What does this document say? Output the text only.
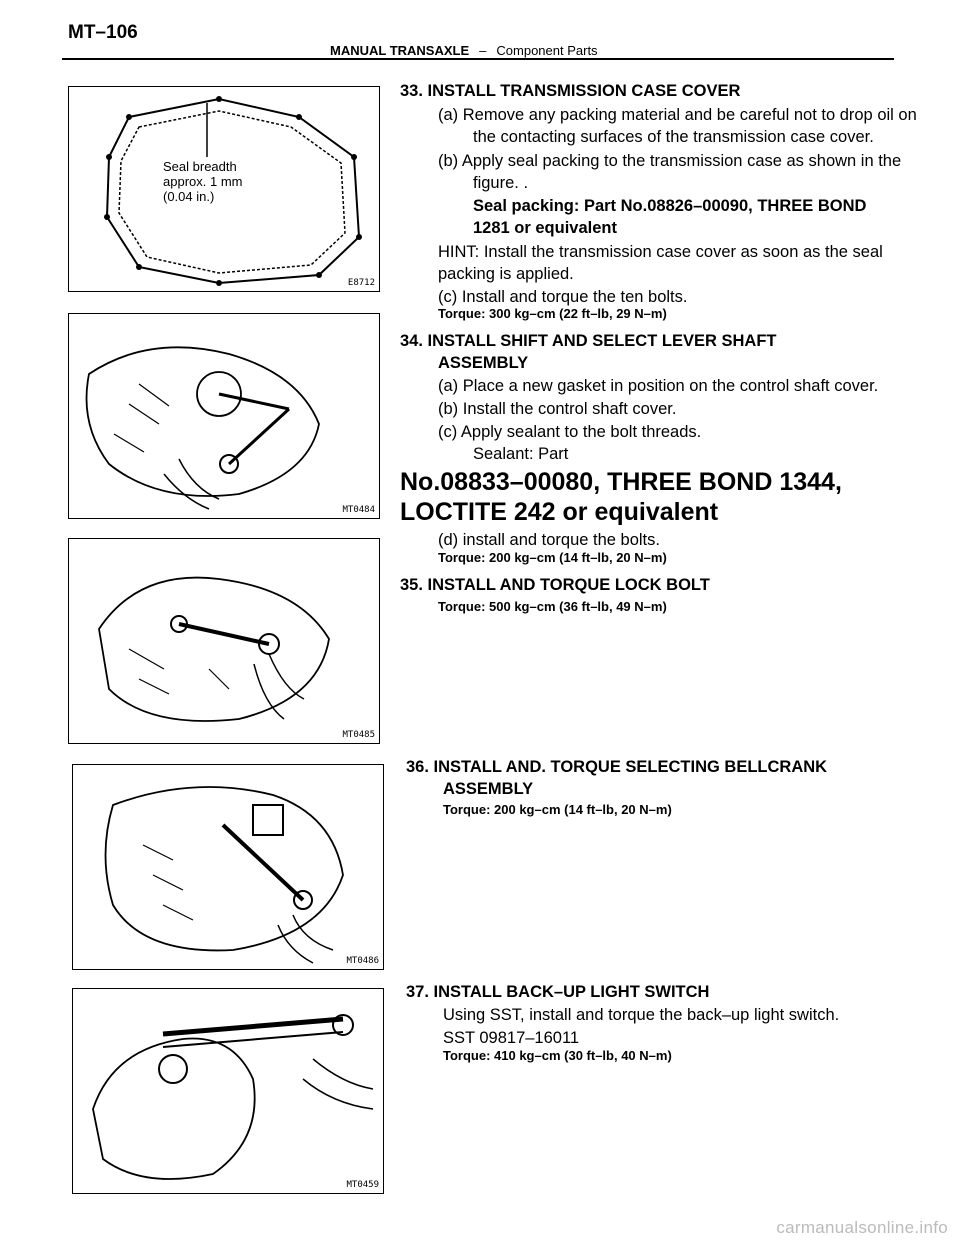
MT–106
MANUAL TRANSAXLE – Component Parts
Seal breadth
approx. 1 mm
(0.04 in.)
E8712
MT0484
MT0485
MT0486
MT0459
33. INSTALL TRANSMISSION CASE COVER
(a) Remove any packing material and be careful not to drop oil on
the contacting surfaces of the transmission case cover.
(b) Apply seal packing to the transmission case as shown in the
figure. .
Seal packing: Part No.08826–00090, THREE BOND
1281 or equivalent
HINT: Install the transmission case cover as soon as the seal
packing is applied.
(c) Install and torque the ten bolts.
Torque: 300 kg–cm (22 ft–lb, 29 N–m)
34. INSTALL SHIFT AND SELECT LEVER SHAFT
ASSEMBLY
(a) Place a new gasket in position on the control shaft cover.
(b) Install the control shaft cover.
(c) Apply sealant to the bolt threads.
Sealant: Part
No.08833–00080, THREE BOND 1344,
LOCTITE 242 or equivalent
(d) install and torque the bolts.
Torque: 200 kg–cm (14 ft–lb, 20 N–m)
35. INSTALL AND TORQUE LOCK BOLT
Torque: 500 kg–cm (36 ft–lb, 49 N–m)
36. INSTALL AND. TORQUE SELECTING BELLCRANK
ASSEMBLY
Torque: 200 kg–cm (14 ft–lb, 20 N–m)
37. INSTALL BACK–UP LIGHT SWITCH
Using SST, install and torque the back–up light switch.
SST 09817–16011
Torque: 410 kg–cm (30 ft–lb, 40 N–m)
carmanualsonline.info
